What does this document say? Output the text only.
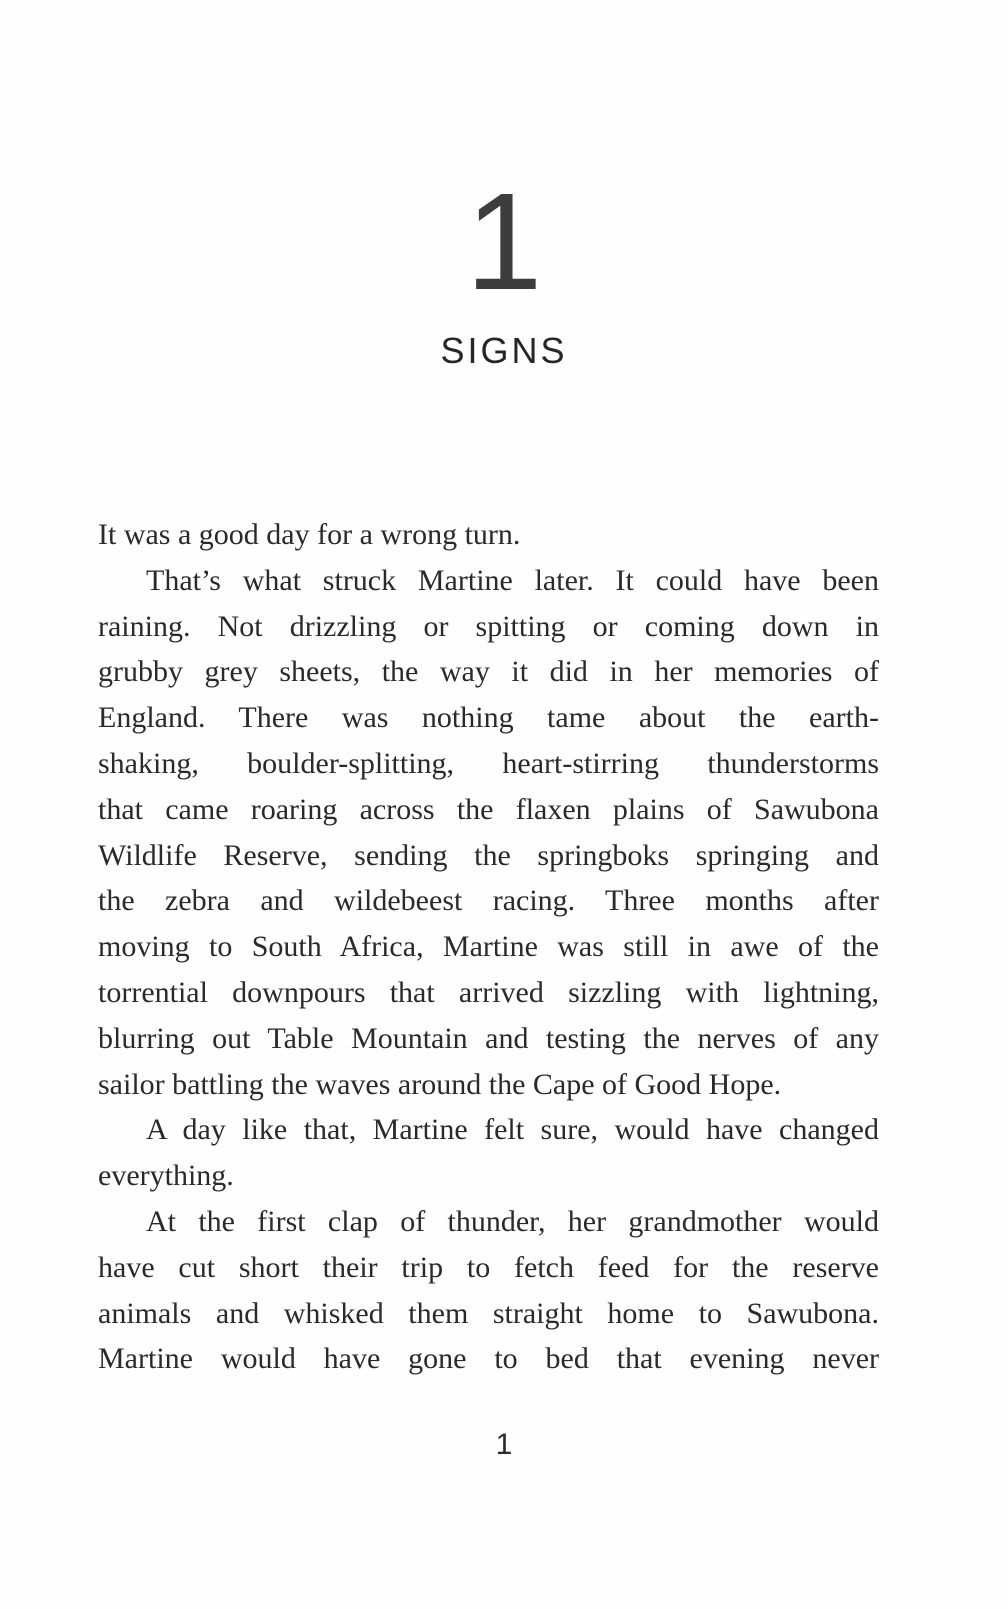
1
SIGNS
It was a good day for a wrong turn.
That’s what struck Martine later. It could have been
raining. Not drizzling or spitting or coming down in
grubby grey sheets, the way it did in her memories of
England. There was nothing tame about the earth-
shaking, boulder-splitting, heart-stirring thunderstorms
that came roaring across the flaxen plains of Sawubona
Wildlife Reserve, sending the springboks springing and
the zebra and wildebeest racing. Three months after
moving to South Africa, Martine was still in awe of the
torrential downpours that arrived sizzling with lightning,
blurring out Table Mountain and testing the nerves of any
sailor battling the waves around the Cape of Good Hope.
A day like that, Martine felt sure, would have changed
everything.
At the first clap of thunder, her grandmother would
have cut short their trip to fetch feed for the reserve
animals and whisked them straight home to Sawubona.
Martine would have gone to bed that evening never
1
